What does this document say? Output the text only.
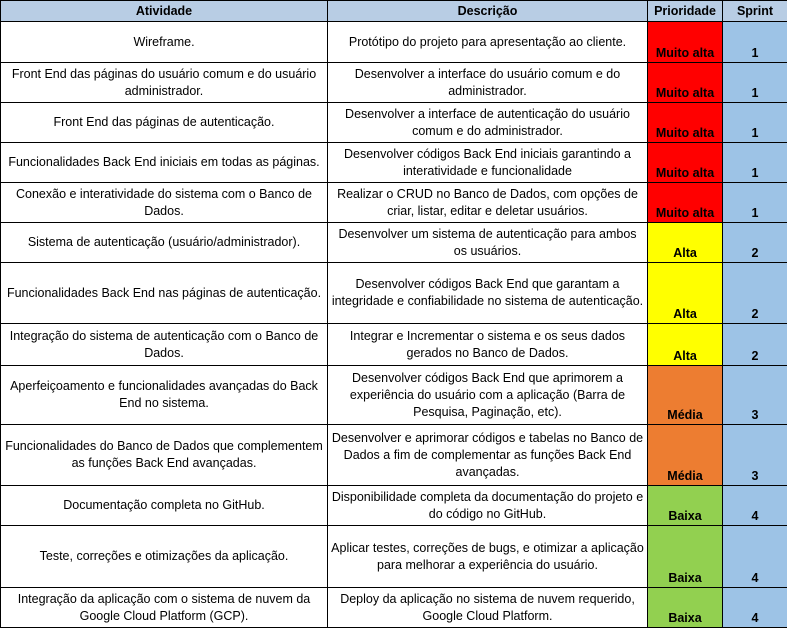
Atividade	Descrição	Prioridade	Sprint
Wireframe.	Protótipo do projeto para apresentação ao cliente.	Muito alta	1
Front End das páginas do usuário comum e do usuário administrador.	Desenvolver a interface do usuário comum e do administrador.	Muito alta	1
Front End das páginas de autenticação.	Desenvolver a interface de autenticação do usuário comum e do administrador.	Muito alta	1
Funcionalidades Back End iniciais em todas as páginas.	Desenvolver códigos Back End iniciais garantindo a interatividade e funcionalidade	Muito alta	1
Conexão e interatividade do sistema com o Banco de Dados.	Realizar o CRUD no Banco de Dados, com opções de criar, listar, editar e deletar usuários.	Muito alta	1
Sistema de autenticação (usuário/administrador).	Desenvolver um sistema de autenticação para ambos os usuários.	Alta	2
Funcionalidades Back End nas páginas de autenticação.	Desenvolver códigos Back End que garantam a integridade e confiabilidade no sistema de autenticação.	Alta	2
Integração do sistema de autenticação com o Banco de Dados.	Integrar e Incrementar o sistema e os seus dados gerados no Banco de Dados.	Alta	2
Aperfeiçoamento e funcionalidades avançadas do Back End no sistema.	Desenvolver códigos Back End que aprimorem a experiência do usuário com a aplicação (Barra de Pesquisa, Paginação, etc).	Média	3
Funcionalidades do Banco de Dados que complementem as funções Back End avançadas.	Desenvolver e aprimorar códigos e tabelas no Banco de Dados a fim de complementar as funções Back End avançadas.	Média	3
Documentação completa no GitHub.	Disponibilidade completa da documentação do projeto e do código no GitHub.	Baixa	4
Teste, correções e otimizações da aplicação.	Aplicar testes, correções de bugs, e otimizar a aplicação para melhorar a experiência do usuário.	Baixa	4
Integração da aplicação com o sistema de nuvem da Google Cloud Platform (GCP).	Deploy da aplicação no sistema de nuvem requerido, Google Cloud Platform.	Baixa	4
